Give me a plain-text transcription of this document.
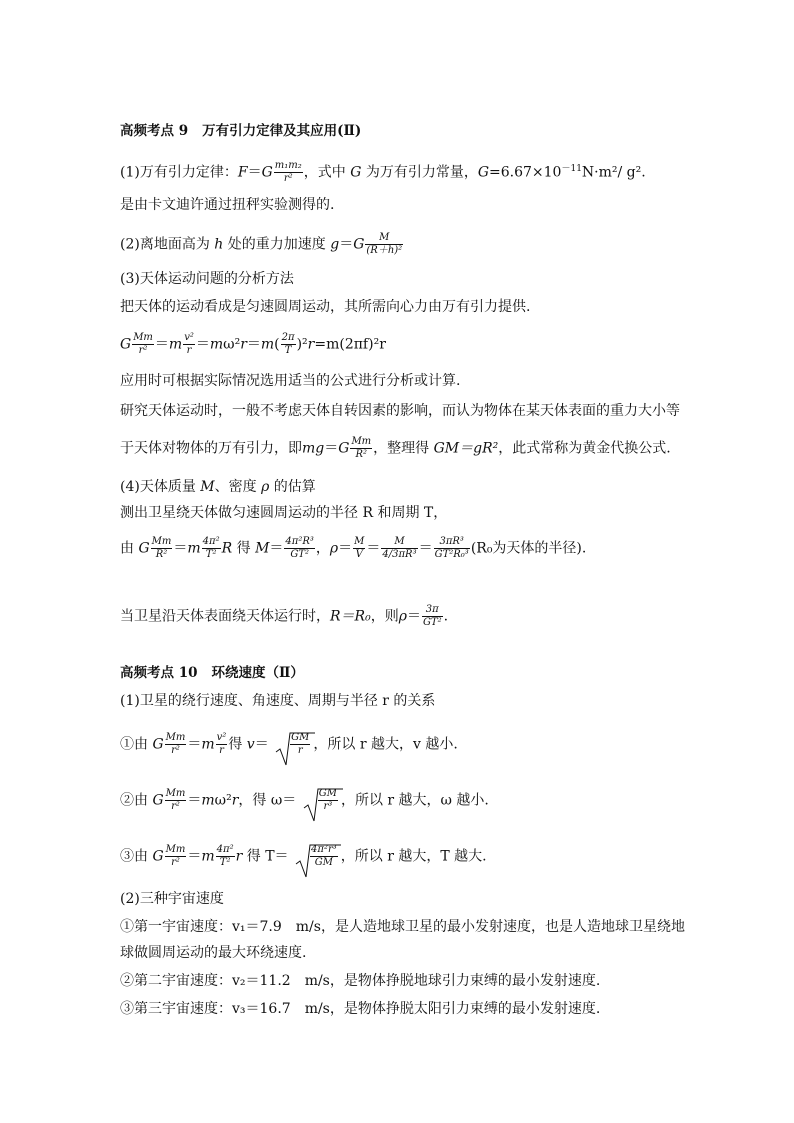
高频考点 9 万有引力定律及其应用(Ⅱ)
(1)万有引力定律：$F=G \frac{\text{m₁m₂}}{\text{r²}}$ ，式中 G 为万有引力常量，$G=6.67\times 10^{-11}N\cdot m^2/$ g².
是由卡文迪许通过扭秤实验测得的.
(2)离地面高为 h 处的重力加速度 $g=G \frac{M}{\text{(R＋h)²}}$
(3)天体运动问题的分析方法
把天体的运动看成是匀速圆周运动，其所需向心力由万有引力提供.
G $\frac{Mm}{\text{r²}} =m \frac{\text{v²}}{r} =m\omega^2r=m( \frac{2\pi}{T} )^2r=m(2\pi f)^2r$
应用时可根据实际情况选用适当的公式进行分析或计算.
研究天体运动时，一般不考虑天体自转因素的影响，而认为物体在某天体表面的重力大小等
于天体对物体的万有引力，即$mg=G \frac{Mm}{\text{R²}}$ ，整理得 GM＝gR²，此式常称为黄金代换公式.
(4)天体质量 M、密度 ρ 的估算
测出卫星绕天体做匀速圆周运动的半径 R 和周期 T，
由 G $\frac{Mm}{\text{R²}} =m \frac{\text{4π²}}{\text{T²}}$ R 得 $M= \frac{\text{4π²R³}}{\text{GT²}}$ ，$\rho= \frac{M}{V} = \frac{M}{\text{4/3πR³}} = \frac{\text{3πR³}}{\text{GT²R₀³}} (R_0$为天体的半径).
当卫星沿天体表面绕天体运行时，R＝R₀，则$\rho= \frac{3\pi}{\text{GT²}}$ .
高频考点 10 环绕速度（Ⅱ）
(1)卫星的绕行速度、角速度、周期与半径 r 的关系
①由 G $\frac{Mm}{\text{r²}} =m \frac{\text{v²}}{r}$ 得 $v= \frac{GM}{r}$ ，所以 r 越大，v 越小.
②由 G $\frac{Mm}{\text{r²}} =m\omega^2r$，得 $\omega= \frac{GM}{\text{r³}}$ ，所以 r 越大，ω 越小.
③由 G $\frac{Mm}{\text{r²}} =m \frac{\text{4π²}}{\text{T²}}$ r 得 $T= \frac{\text{4π²r³}}{GM}$ ，所以 r 越大，T 越大.
(2)三种宇宙速度
①第一宇宙速度：v₁＝7.9　m/s，是人造地球卫星的最小发射速度，也是人造地球卫星绕地
球做圆周运动的最大环绕速度.
②第二宇宙速度：v₂＝11.2　m/s，是物体挣脱地球引力束缚的最小发射速度.
③第三宇宙速度：v₃＝16.7　m/s，是物体挣脱太阳引力束缚的最小发射速度.
